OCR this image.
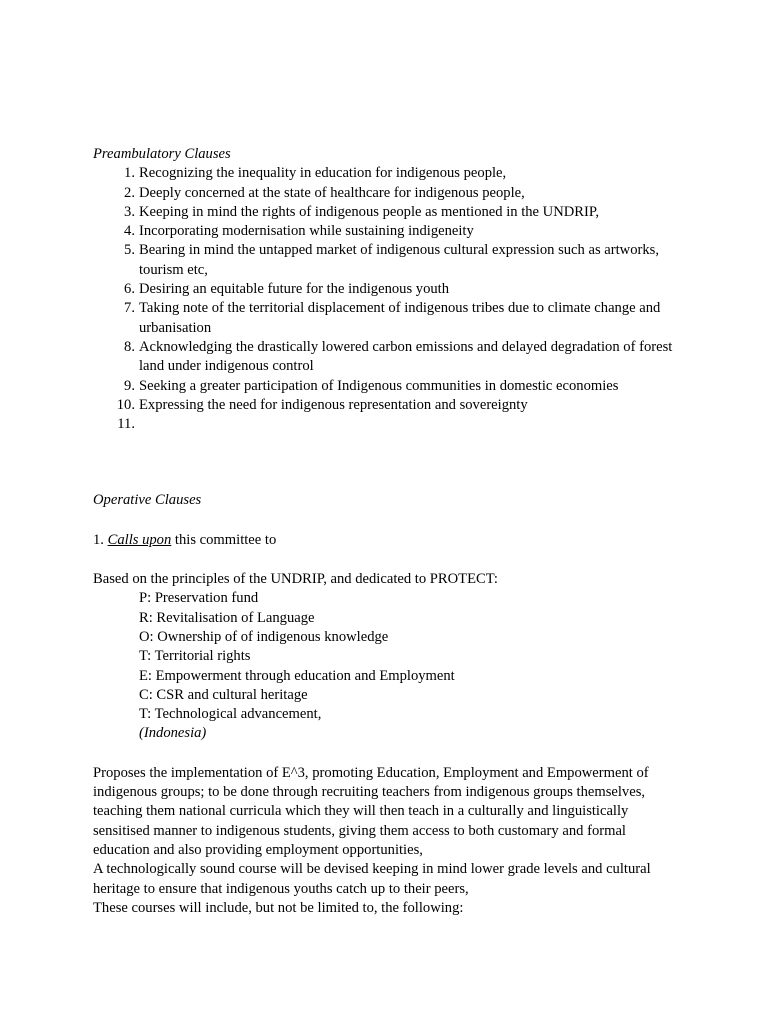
Preambulatory Clauses

1. Recognizing the inequality in education for indigenous people,
2. Deeply concerned at the state of healthcare for indigenous people,
3. Keeping in mind the rights of indigenous people as mentioned in the UNDRIP,
4. Incorporating modernisation while sustaining indigeneity
5. Bearing in mind the untapped market of indigenous cultural expression such as artworks, tourism etc,
6. Desiring an equitable future for the indigenous youth
7. Taking note of the territorial displacement of indigenous tribes due to climate change and urbanisation
8. Acknowledging the drastically lowered carbon emissions and delayed degradation of forest land under indigenous control
9. Seeking a greater participation of Indigenous communities in domestic economies
10. Expressing the need for indigenous representation and sovereignty
11.

Operative Clauses

1. Calls upon this committee to

Based on the principles of the UNDRIP, and dedicated to PROTECT:

P: Preservation fund

R: Revitalisation of Language

O: Ownership of of indigenous knowledge

T: Territorial rights

E: Empowerment through education and Employment

C: CSR and cultural heritage

T: Technological advancement,

(Indonesia)

Proposes the implementation of E^3, promoting Education, Employment and Empowerment of indigenous groups; to be done through recruiting teachers from indigenous groups themselves, teaching them national curricula which they will then teach in a culturally and linguistically sensitised manner to indigenous students, giving them access to both customary and formal education and also providing employment opportunities,

A technologically sound course will be devised keeping in mind lower grade levels and cultural heritage to ensure that indigenous youths catch up to their peers,

These courses will include, but not be limited to, the following:
